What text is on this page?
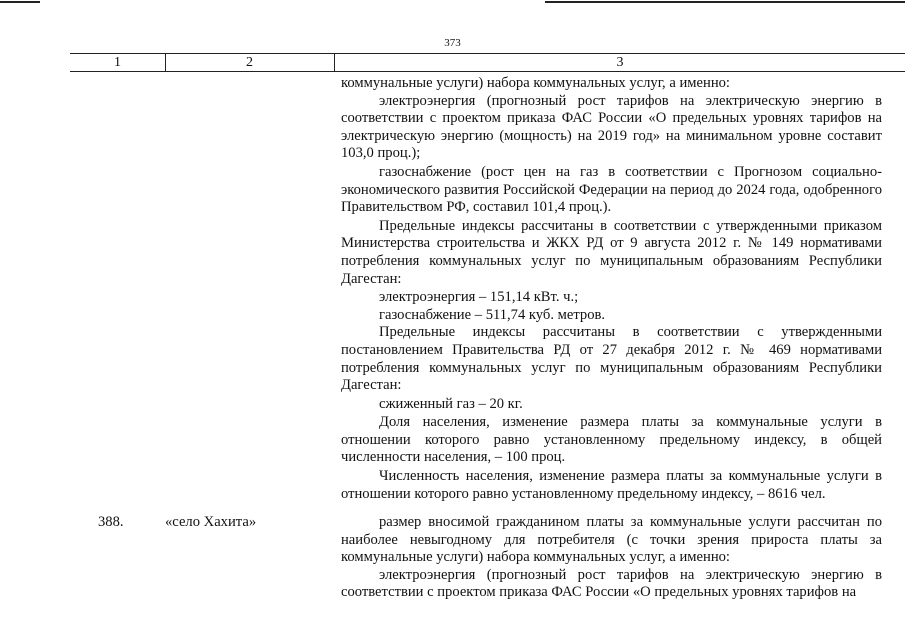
373
1	2	3

коммунальные услуги) набора коммунальных услуг, а именно:

электроэнергия (прогнозный рост тарифов на электрическую энергию в соответствии с проектом приказа ФАС России «О предельных уровнях тарифов на электрическую энергию (мощность) на 2019 год» на минимальном уровне составит 103,0 проц.);

газоснабжение (рост цен на газ в соответствии с Прогнозом социально-экономического развития Российской Федерации на период до 2024 года, одобренного Правительством РФ, составил 101,4 проц.).

Предельные индексы рассчитаны в соответствии с утвержденными приказом Министерства строительства и ЖКХ РД от 9 августа 2012 г. № 149 нормативами потребления коммунальных услуг по муниципальным образованиям Республики Дагестан:

электроэнергия – 151,14 кВт. ч.;

газоснабжение – 511,74 куб. метров.

Предельные индексы рассчитаны в соответствии с утвержденными постановлением Правительства РД от 27 декабря 2012 г. № 469 нормативами потребления коммунальных услуг по муниципальным образованиям Республики Дагестан:

сжиженный газ – 20 кг.

Доля населения, изменение размера платы за коммунальные услуги в отношении которого равно установленному предельному индексу, в общей численности населения, – 100 проц.

Численность населения, изменение размера платы за коммунальные услуги в отношении которого равно установленному предельному индексу, – 8616 чел.

388.	«село Хахита»	размер вносимой гражданином платы за коммунальные услуги рассчитан по наиболее невыгодному для потребителя (с точки зрения прироста платы за коммунальные услуги) набора коммунальных услуг, а именно:

электроэнергия (прогнозный рост тарифов на электрическую энергию в соответствии с проектом приказа ФАС России «О предельных уровнях тарифов на
